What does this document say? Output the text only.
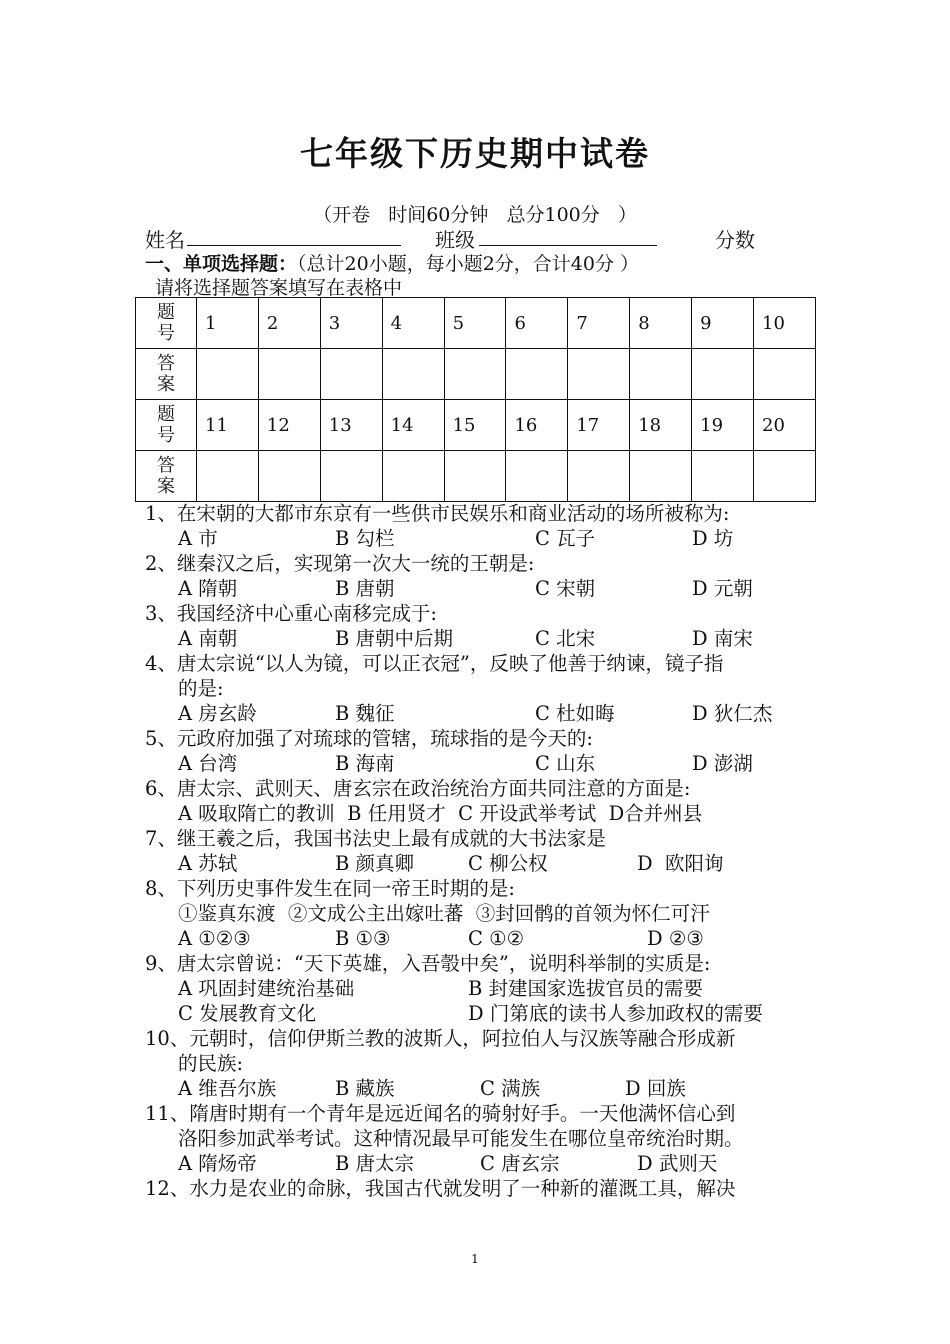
七年级下历史期中试卷
（开卷   时间60分钟   总分100分   ）
姓名	班级	分数
一、单项选择题：（总计20小题，每小题2分，合计40分 ）
请将选择题答案填写在表格中
题
号	1	2	3	4	5	6	7	8	9	10
答
案										
题
号	11	12	13	14	15	16	17	18	19	20
答
案										
1、在宋朝的大都市东京有一些供市民娱乐和商业活动的场所被称为:
A 市	B 勾栏	C 瓦子	D 坊
2、继秦汉之后，实现第一次大一统的王朝是:
A 隋朝	B 唐朝	C 宋朝	D 元朝
3、我国经济中心重心南移完成于:
A 南朝	B 唐朝中后期	C 北宋	D 南宋
4、唐太宗说“以人为镜，可以正衣冠”，反映了他善于纳谏，镜子指
的是:
A 房玄龄	B 魏征	C 杜如晦	D 狄仁杰
5、元政府加强了对琉球的管辖，琉球指的是今天的:
A 台湾	B 海南	C 山东	D 澎湖
6、唐太宗、武则天、唐玄宗在政治统治方面共同注意的方面是:
A 吸取隋亡的教训  B 任用贤才  C 开设武举考试  D合并州县
7、继王羲之后，我国书法史上最有成就的大书法家是
A 苏轼	B 颜真卿	C 柳公权	D  欧阳询
8、下列历史事件发生在同一帝王时期的是:
①鉴真东渡  ②文成公主出嫁吐蕃  ③封回鹘的首领为怀仁可汗
A ①②③	B ①③	C ①②	D ②③
9、唐太宗曾说：“天下英雄，入吾彀中矣”，说明科举制的实质是:
A 巩固封建统治基础	B 封建国家选拔官员的需要
C 发展教育文化	D 门第底的读书人参加政权的需要
10、元朝时，信仰伊斯兰教的波斯人，阿拉伯人与汉族等融合形成新
的民族:
A 维吾尔族	B 藏族	C 满族	D 回族
11、隋唐时期有一个青年是远近闻名的骑射好手。一天他满怀信心到
洛阳参加武举考试。这种情况最早可能发生在哪位皇帝统治时期。
A 隋炀帝	B 唐太宗	C 唐玄宗	D 武则天
12、水力是农业的命脉，我国古代就发明了一种新的灌溉工具，解决
1
